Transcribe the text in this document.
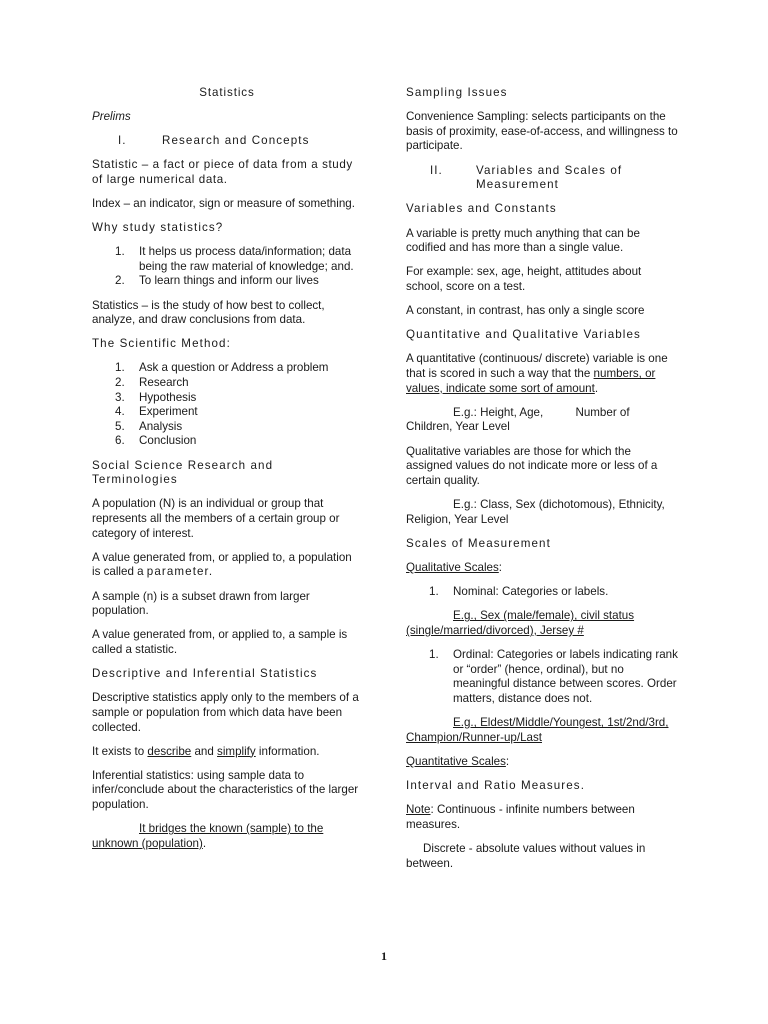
Statistics

Prelims

I.	Research and Concepts

Statistic – a fact or piece of data from a study of large numerical data.

Index – an indicator, sign or measure of something.

Why study statistics?

1. It helps us process data/information; data being the raw material of knowledge; and.
2. To learn things and inform our lives

Statistics – is the study of how best to collect, analyze, and draw conclusions from data.

The Scientific Method:

1. Ask a question or Address a problem
2. Research
3. Hypothesis
4. Experiment
5. Analysis
6. Conclusion

Social Science Research and Terminologies

A population (N) is an individual or group that represents all the members of a certain group or category of interest.

A value generated from, or applied to, a population is called a parameter.

A sample (n) is a subset drawn from larger population.

A value generated from, or applied to, a sample is called a statistic.

Descriptive and Inferential Statistics

Descriptive statistics apply only to the members of a sample or population from which data have been collected.

It exists to describe and simplify information.

Inferential statistics: using sample data to infer/conclude about the characteristics of the larger population.

It bridges the known (sample) to the unknown (population).

Sampling Issues

Convenience Sampling: selects participants on the basis of proximity, ease-of-access, and willingness to participate.

II.	Variables and Scales of Measurement

Variables and Constants

A variable is pretty much anything that can be codified and has more than a single value.

For example: sex, age, height, attitudes about school, score on a test.

A constant, in contrast, has only a single score

Quantitative and Qualitative Variables

A quantitative (continuous/ discrete) variable is one that is scored in such a way that the numbers, or values, indicate some sort of amount.

E.g.: Height, Age,          Number of Children, Year Level

Qualitative variables are those for which the assigned values do not indicate more or less of a certain quality.

E.g.: Class, Sex (dichotomous), Ethnicity, Religion, Year Level

Scales of Measurement

Qualitative Scales:

1. Nominal: Categories or labels.

E.g., Sex (male/female), civil status (single/married/divorced), Jersey #

1. Ordinal: Categories or labels indicating rank or “order” (hence, ordinal), but no meaningful distance between scores. Order matters, distance does not.

E.g., Eldest/Middle/Youngest, 1st/2nd/3rd, Champion/Runner-up/Last

Quantitative Scales:

Interval and Ratio Measures.

Note: Continuous - infinite numbers between measures.

Discrete - absolute values without values in between.

1
